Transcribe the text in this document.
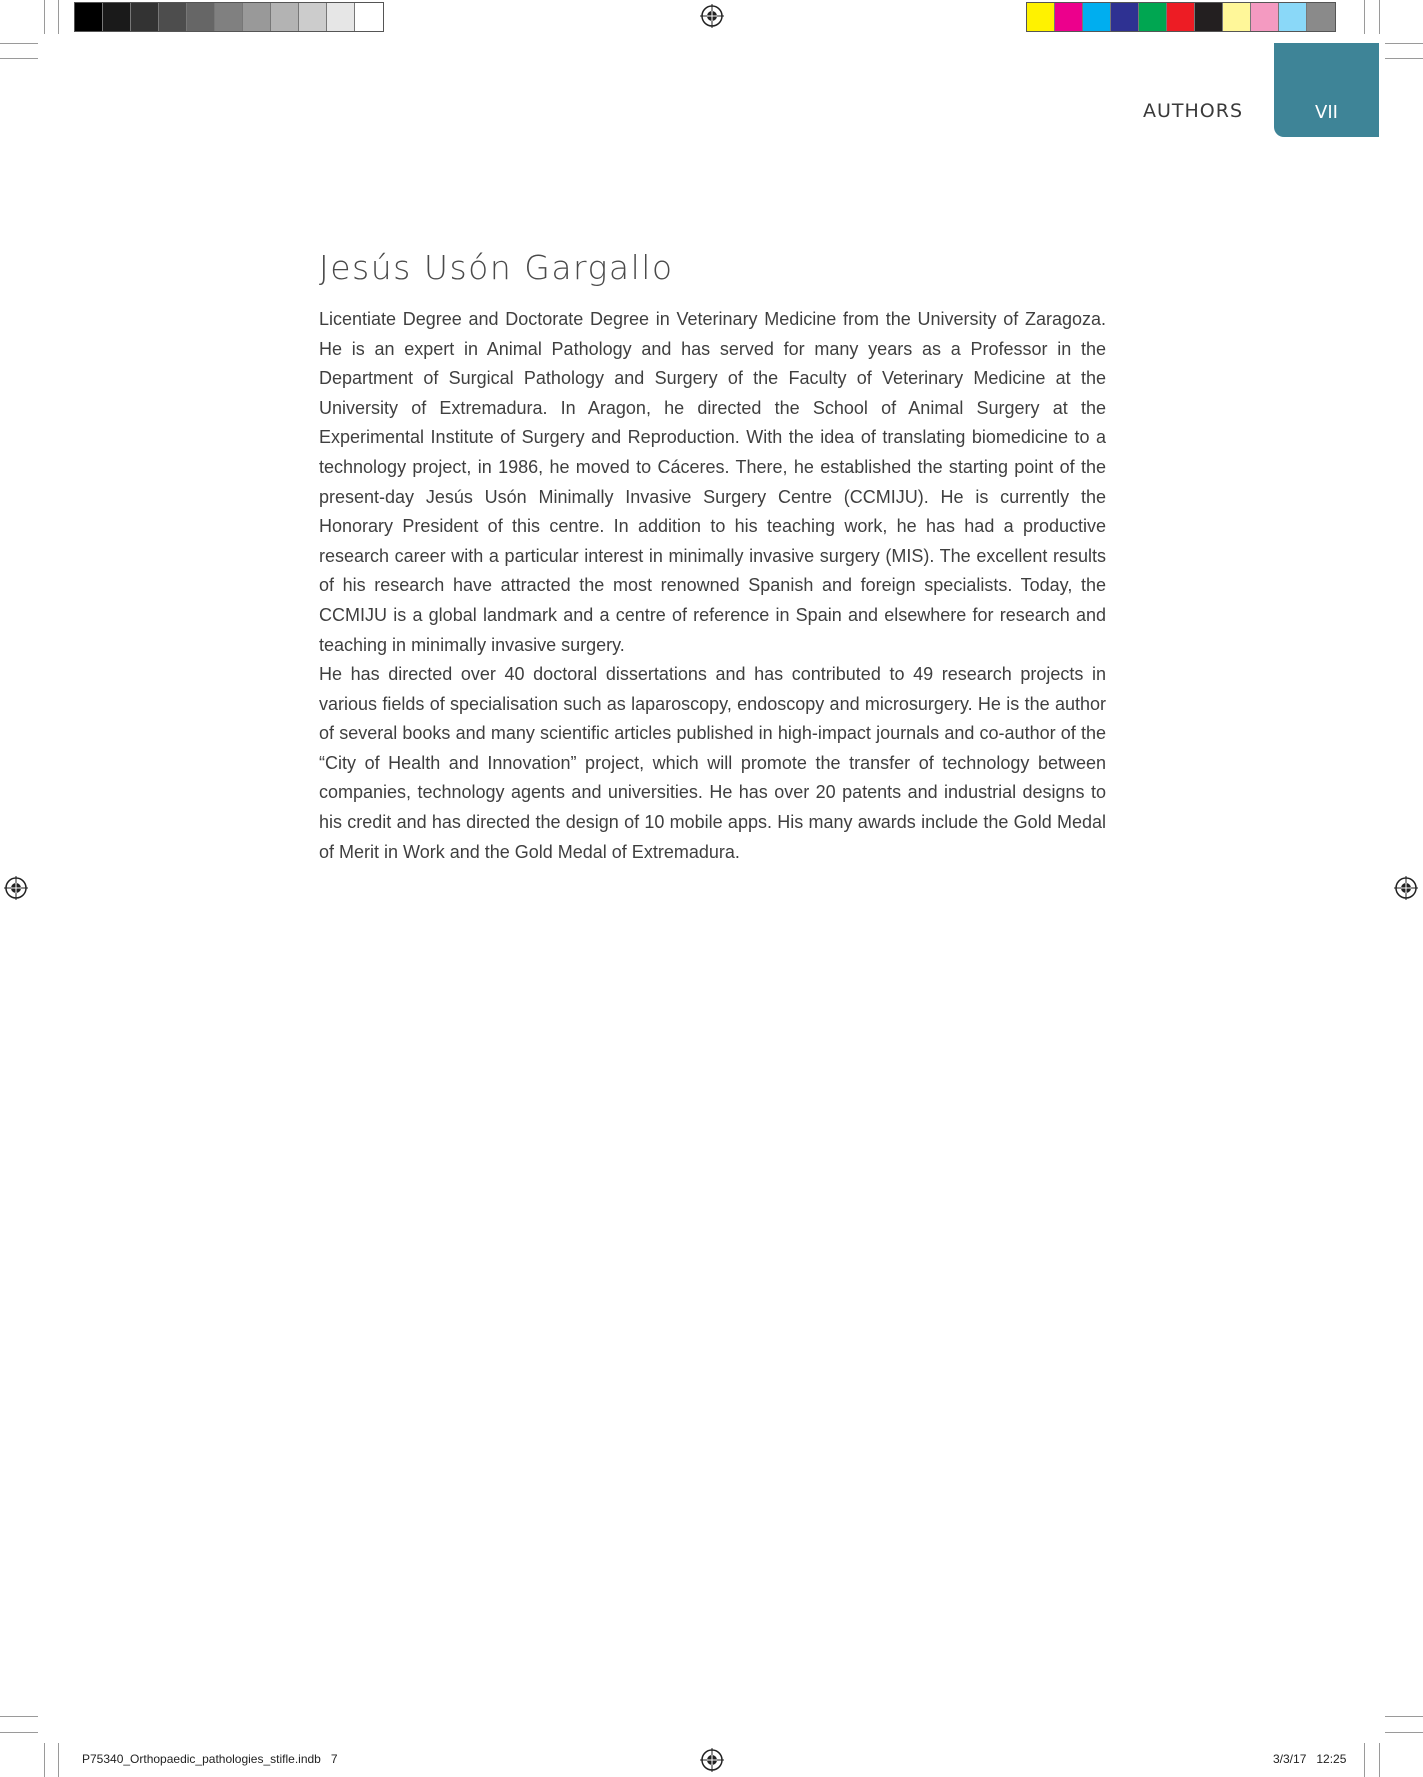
AUTHORS	VII
Jesús Usón Gargallo

Licentiate Degree and Doctorate Degree in Veterinary Medicine from the University of Zaragoza. He is an expert in Animal Pathology and has served for many years as a Professor in the Department of Surgical Pathology and Surgery of the Faculty of Veterinary Medicine at the University of Extremadura. In Aragon, he directed the School of Animal Surgery at the Experimental Institute of Surgery and Reproduction. With the idea of translating biomedicine to a technology project, in 1986, he moved to Cáceres. There, he established the starting point of the present-day Jesús Usón Minimally Invasive Surgery Centre (CCMIJU). He is currently the Honorary President of this centre. In addition to his teaching work, he has had a productive research career with a particular interest in minimally invasive surgery (MIS). The excellent results of his research have attracted the most renowned Spanish and foreign specialists. Today, the CCMIJU is a global landmark and a centre of reference in Spain and elsewhere for research and teaching in minimally invasive surgery.

He has directed over 40 doctoral dissertations and has contributed to 49 research projects in various fields of specialisation such as laparoscopy, endoscopy and microsurgery. He is the author of several books and many scientific articles published in high-impact journals and co-author of the “City of Health and Innovation” project, which will promote the transfer of technology between companies, technology agents and universities. He has over 20 patents and industrial designs to his credit and has directed the design of 10 mobile apps. His many awards include the Gold Medal of Merit in Work and the Gold Medal of Extremadura.

P75340_Orthopaedic_pathologies_stifle.indb   7	3/3/17   12:25
